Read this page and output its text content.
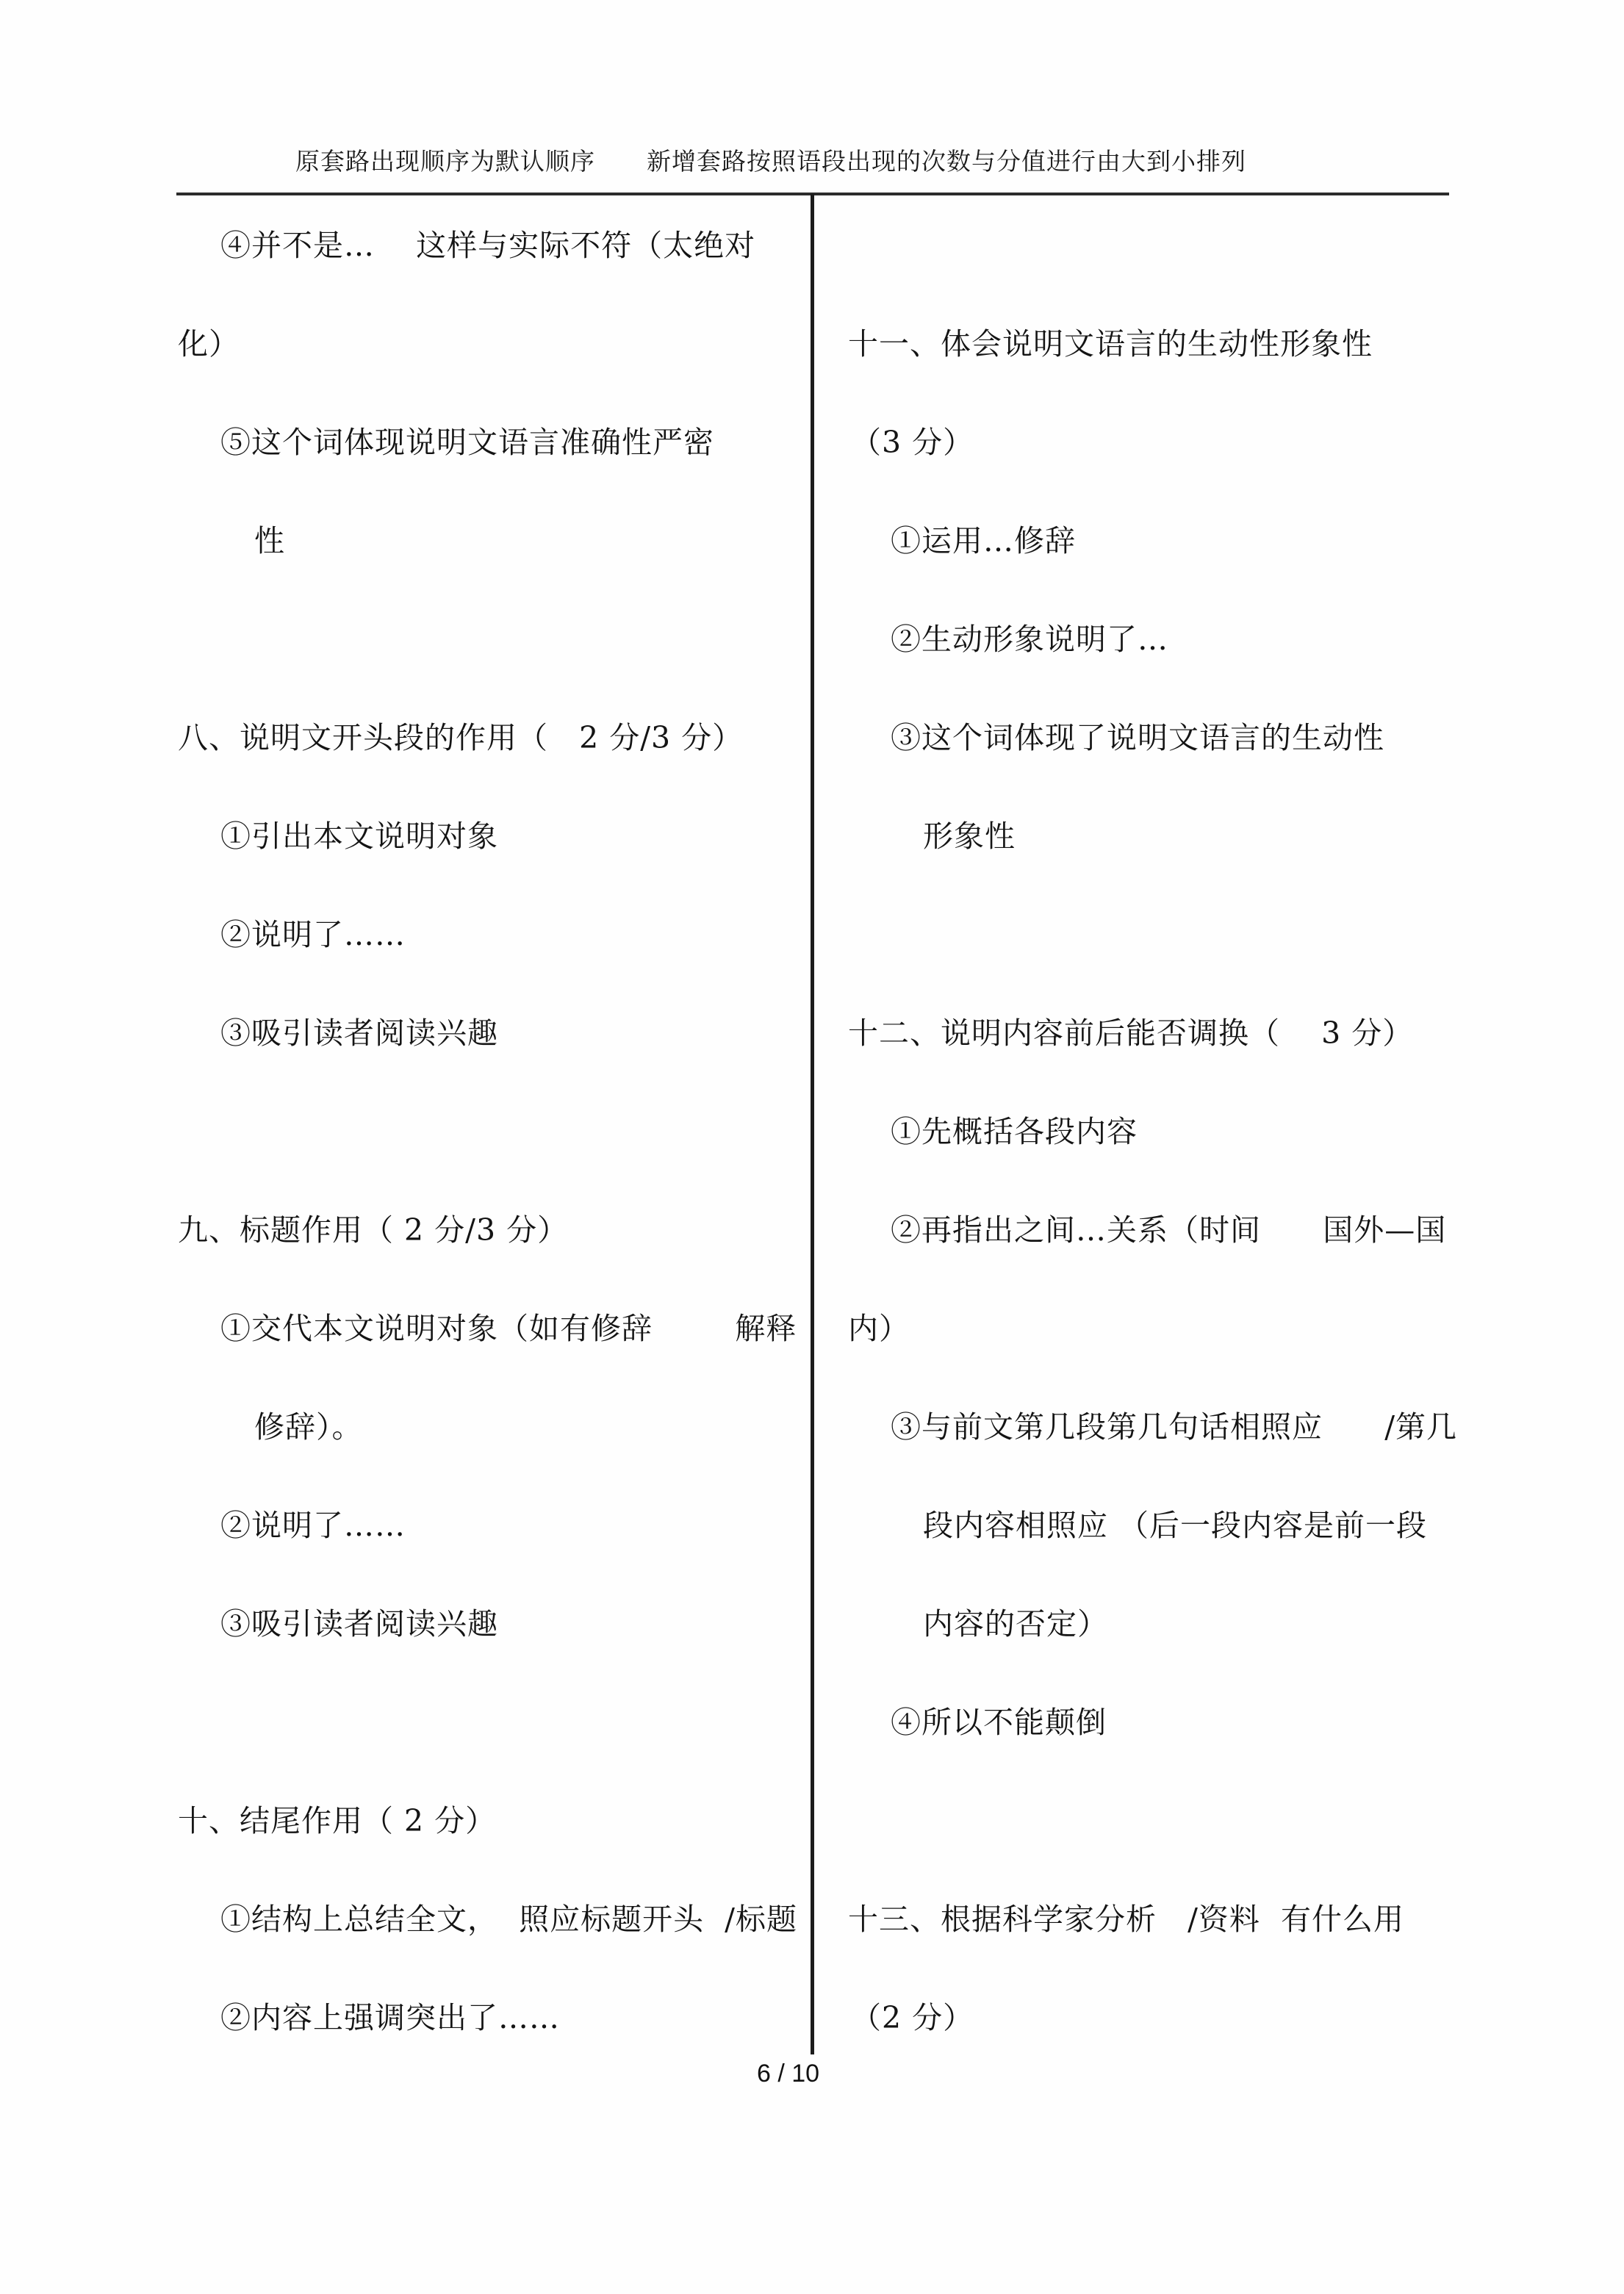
原套路出现顺序为默认顺序 新增套路按照语段出现的次数与分值进行由大到小排列
④并不是…    这样与实际不符（太绝对
化）
⑤这个词体现说明文语言准确性严密
性
八、说明文开头段的作用（   2 分/3 分）
①引出本文说明对象
②说明了……
③吸引读者阅读兴趣
九、标题作用（ 2 分/3 分）
①交代本文说明对象（如有修辞        解释
修辞）。
②说明了……
③吸引读者阅读兴趣
十、结尾作用（ 2 分）
①结构上总结全文，  照应标题开头  /标题
②内容上强调突出了……
十一、体会说明文语言的生动性形象性
（3 分）
①运用…修辞
②生动形象说明了…
③这个词体现了说明文语言的生动性
形象性
十二、说明内容前后能否调换（    3 分）
①先概括各段内容
②再指出之间…关系（时间      国外—国
内）
③与前文第几段第几句话相照应      /第几
段内容相照应 （后一段内容是前一段
内容的否定）
④所以不能颠倒
十三、根据科学家分析   /资料  有什么用
（2 分）
6 / 10
